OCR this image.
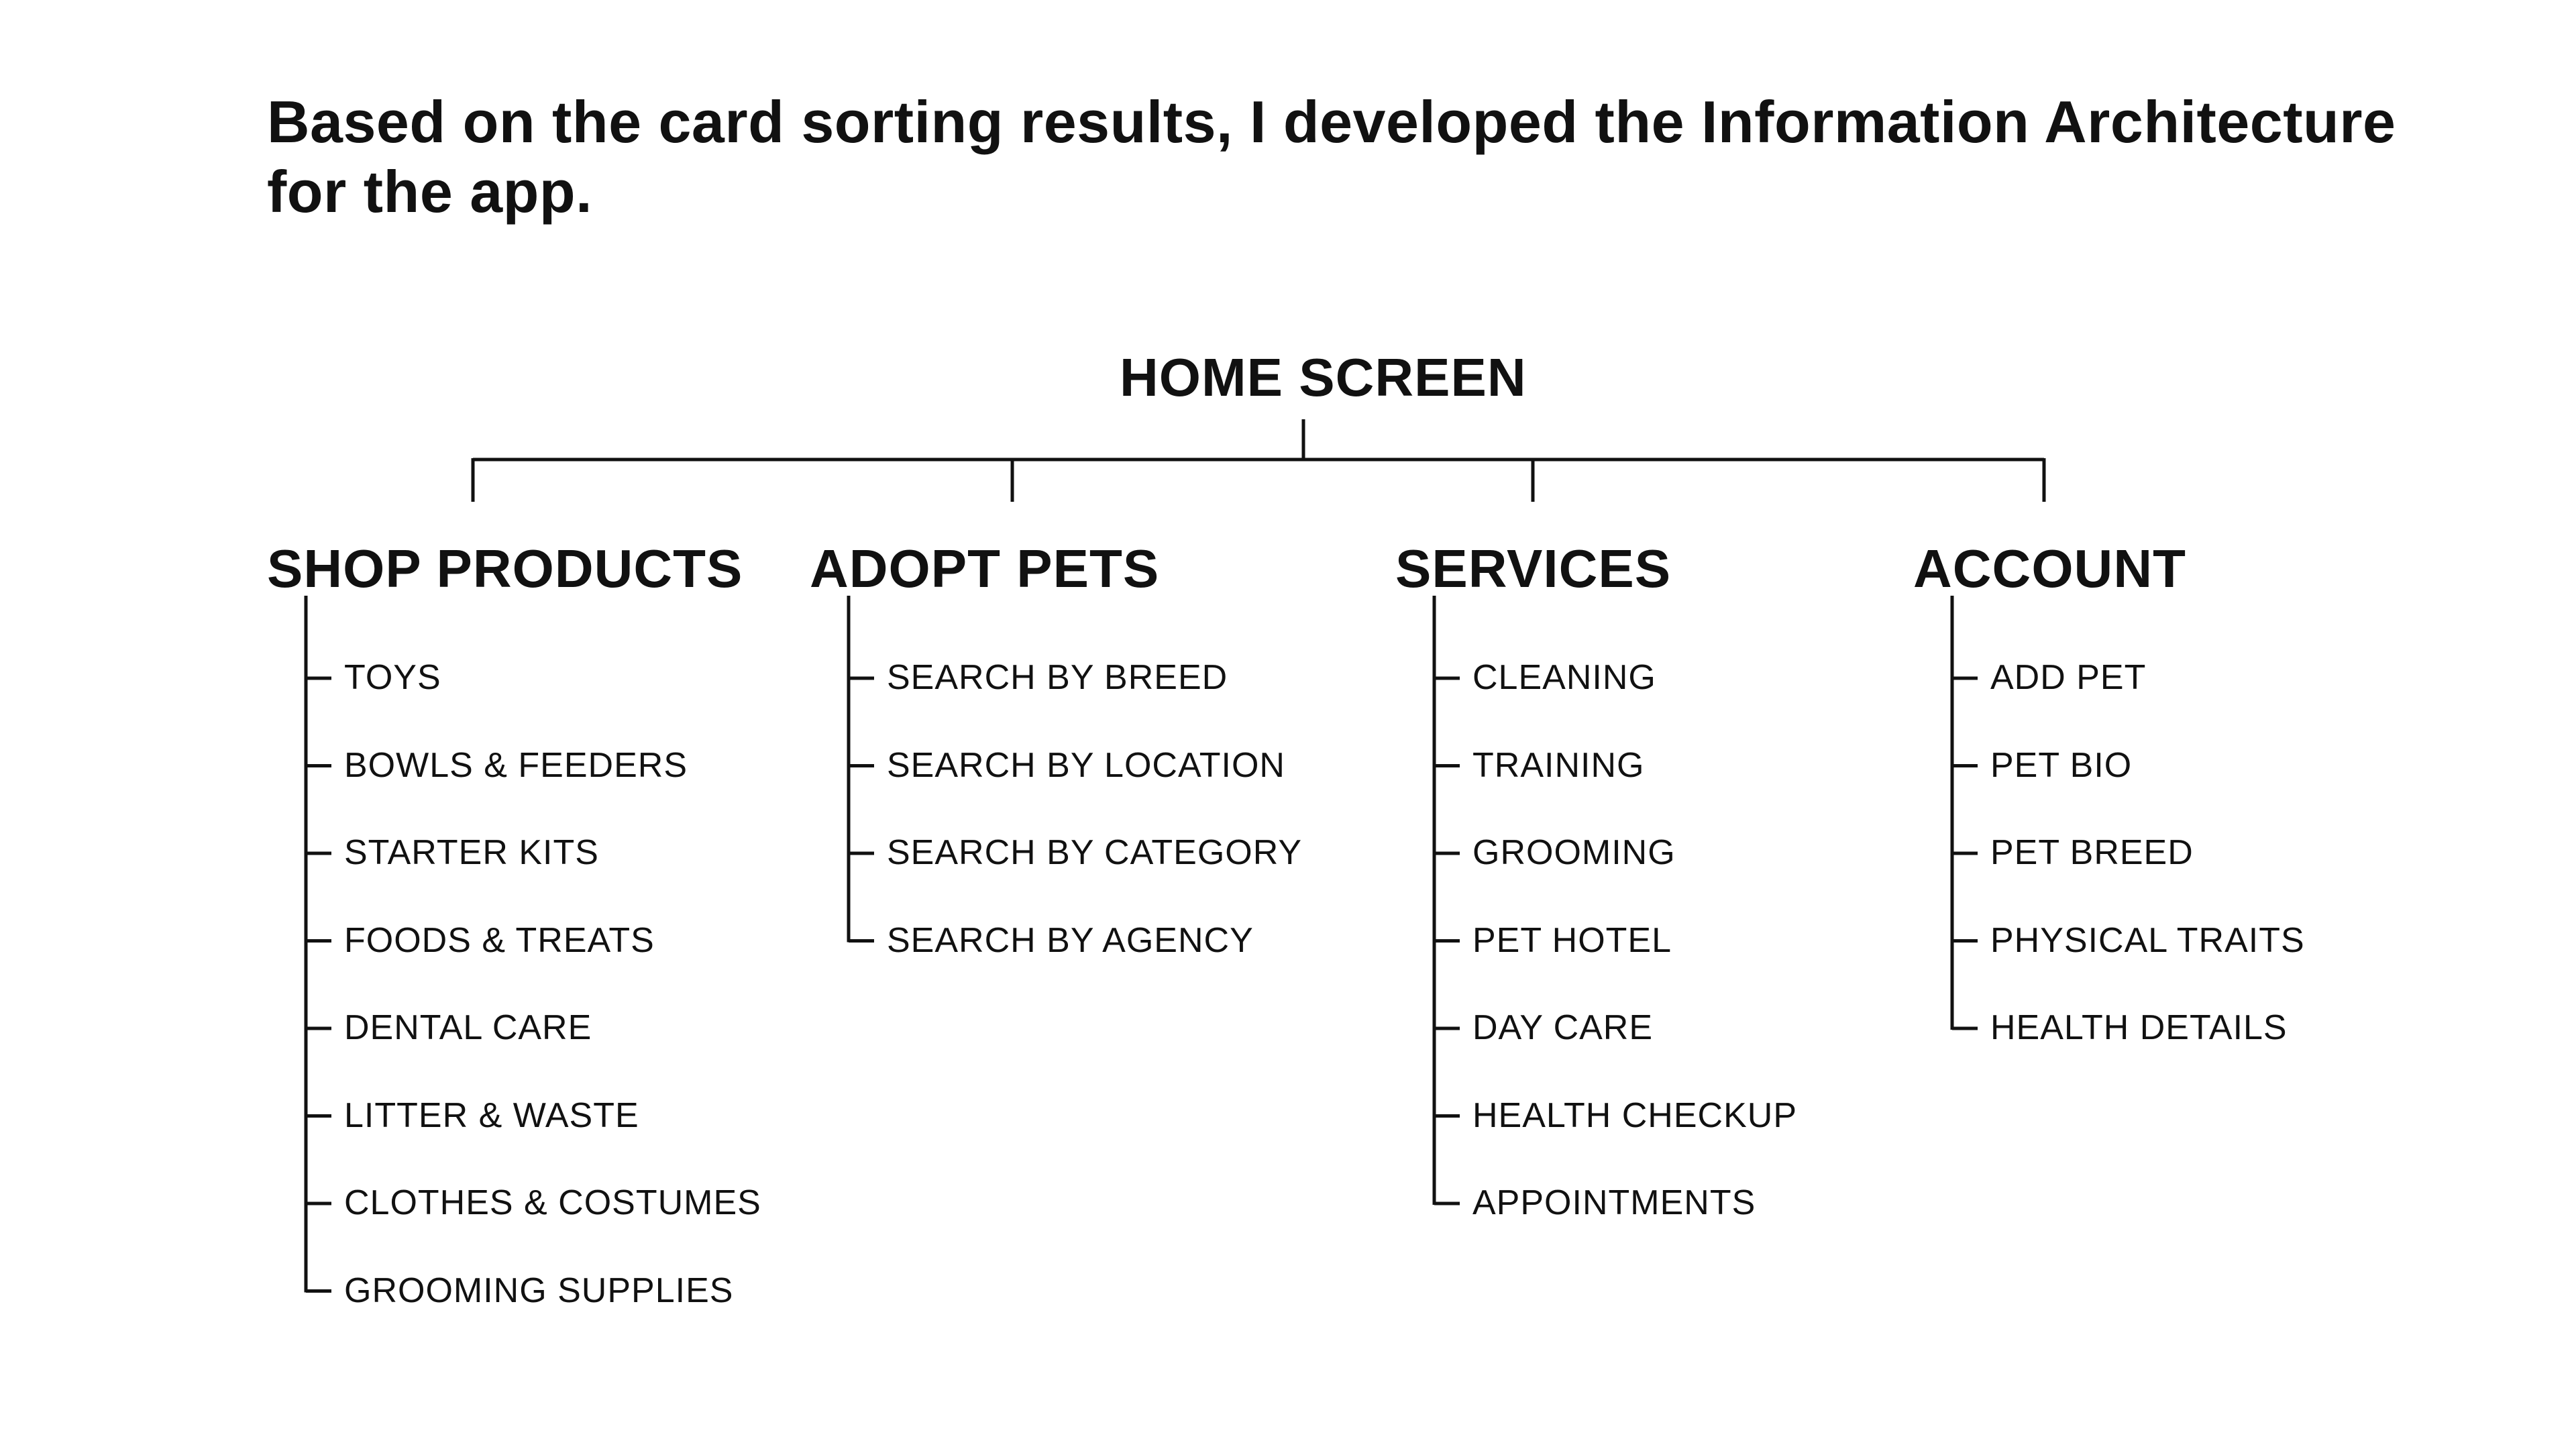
Based on the card sorting results, I developed the Information Architecture for the app.

HOME SCREEN
SHOP PRODUCTS
TOYS
BOWLS & FEEDERS
STARTER KITS
FOODS & TREATS
DENTAL CARE
LITTER & WASTE
CLOTHES & COSTUMES
GROOMING SUPPLIES
ADOPT PETS
SEARCH BY BREED
SEARCH BY LOCATION
SEARCH BY CATEGORY
SEARCH BY AGENCY
SERVICES
CLEANING
TRAINING
GROOMING
PET HOTEL
DAY CARE
HEALTH CHECKUP
APPOINTMENTS
ACCOUNT
ADD PET
PET BIO
PET BREED
PHYSICAL TRAITS
HEALTH DETAILS
